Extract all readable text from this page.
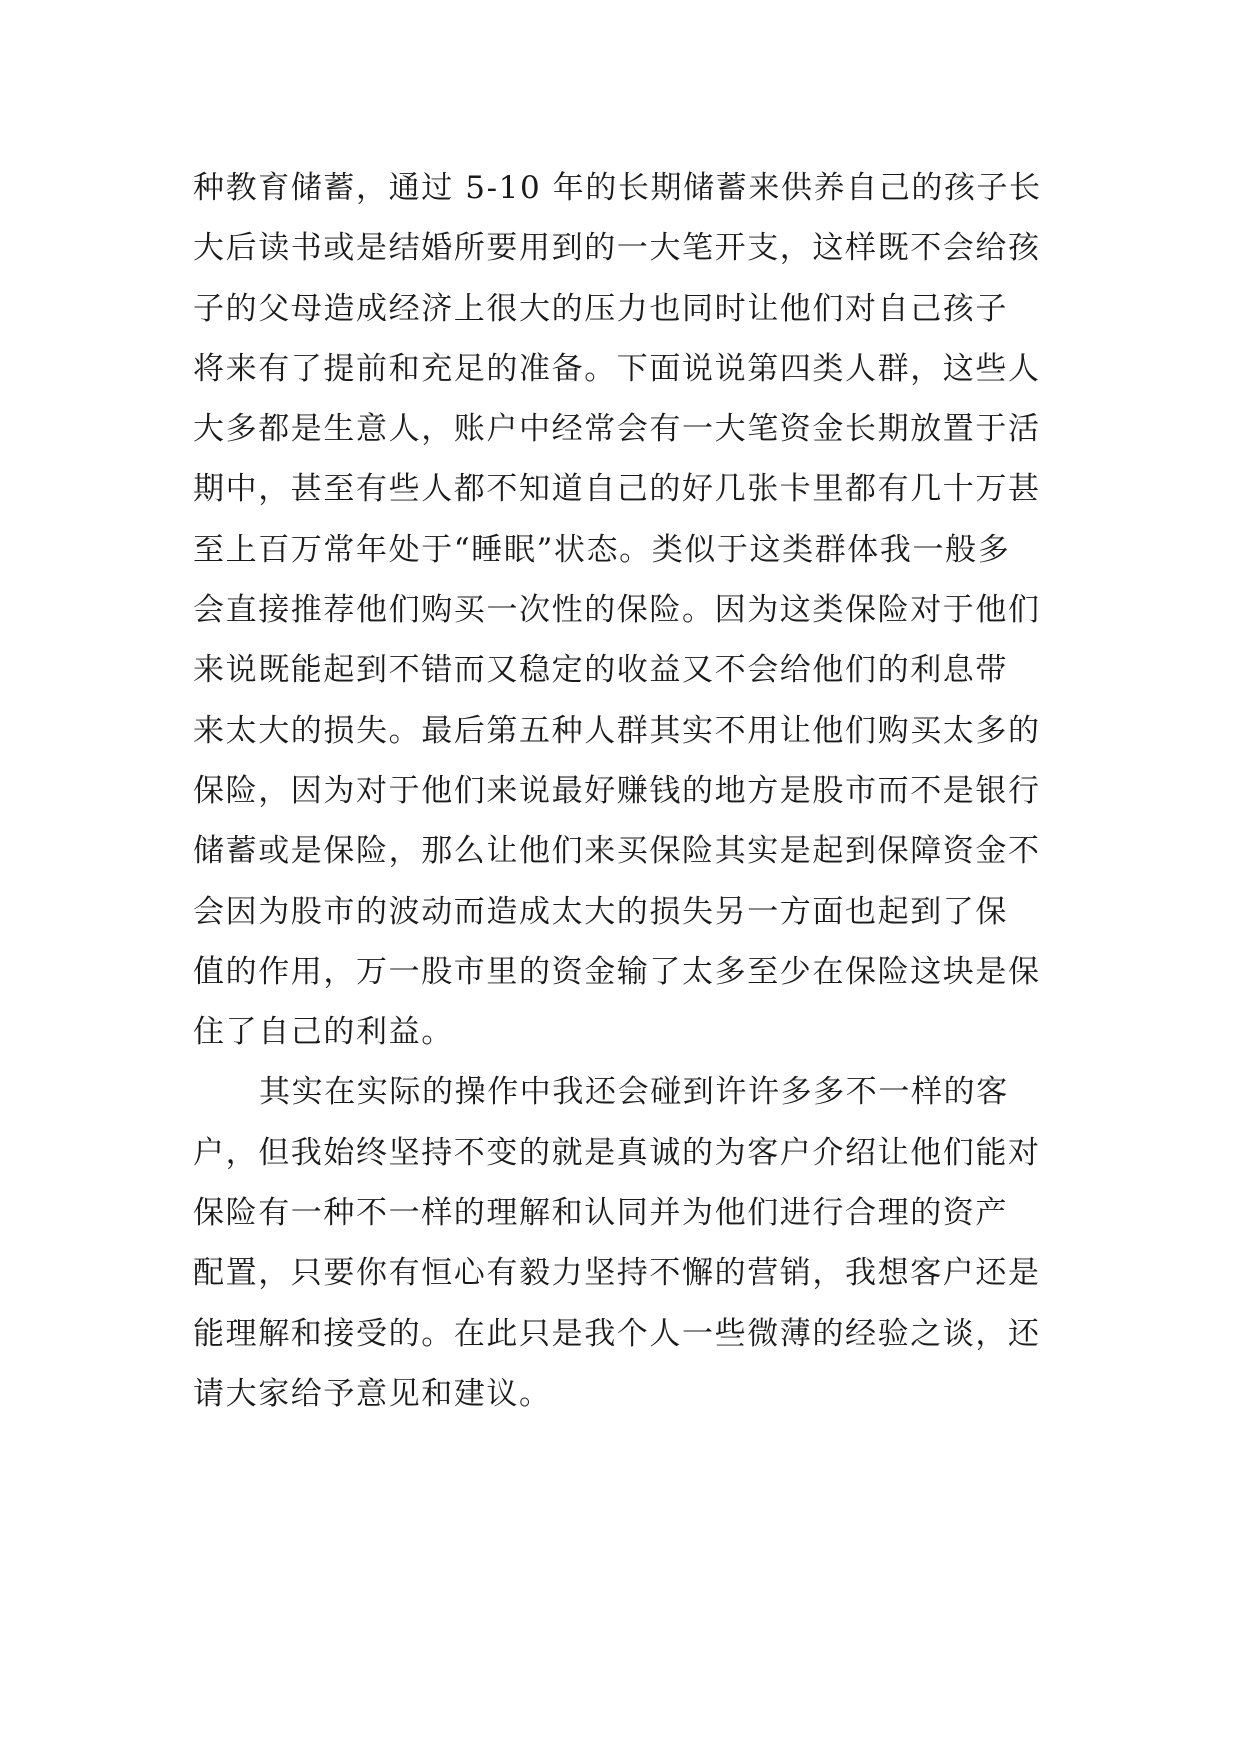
种教育储蓄，通过 5-10 年的长期储蓄来供养自己的孩子长
大后读书或是结婚所要用到的一大笔开支，这样既不会给孩
子的父母造成经济上很大的压力也同时让他们对自己孩子
将来有了提前和充足的准备。下面说说第四类人群，这些人
大多都是生意人，账户中经常会有一大笔资金长期放置于活
期中，甚至有些人都不知道自己的好几张卡里都有几十万甚
至上百万常年处于“睡眠”状态。类似于这类群体我一般多
会直接推荐他们购买一次性的保险。因为这类保险对于他们
来说既能起到不错而又稳定的收益又不会给他们的利息带
来太大的损失。最后第五种人群其实不用让他们购买太多的
保险，因为对于他们来说最好赚钱的地方是股市而不是银行
储蓄或是保险，那么让他们来买保险其实是起到保障资金不
会因为股市的波动而造成太大的损失另一方面也起到了保
值的作用，万一股市里的资金输了太多至少在保险这块是保
住了自己的利益。
其实在实际的操作中我还会碰到许许多多不一样的客
户，但我始终坚持不变的就是真诚的为客户介绍让他们能对
保险有一种不一样的理解和认同并为他们进行合理的资产
配置，只要你有恒心有毅力坚持不懈的营销，我想客户还是
能理解和接受的。在此只是我个人一些微薄的经验之谈，还
请大家给予意见和建议。
